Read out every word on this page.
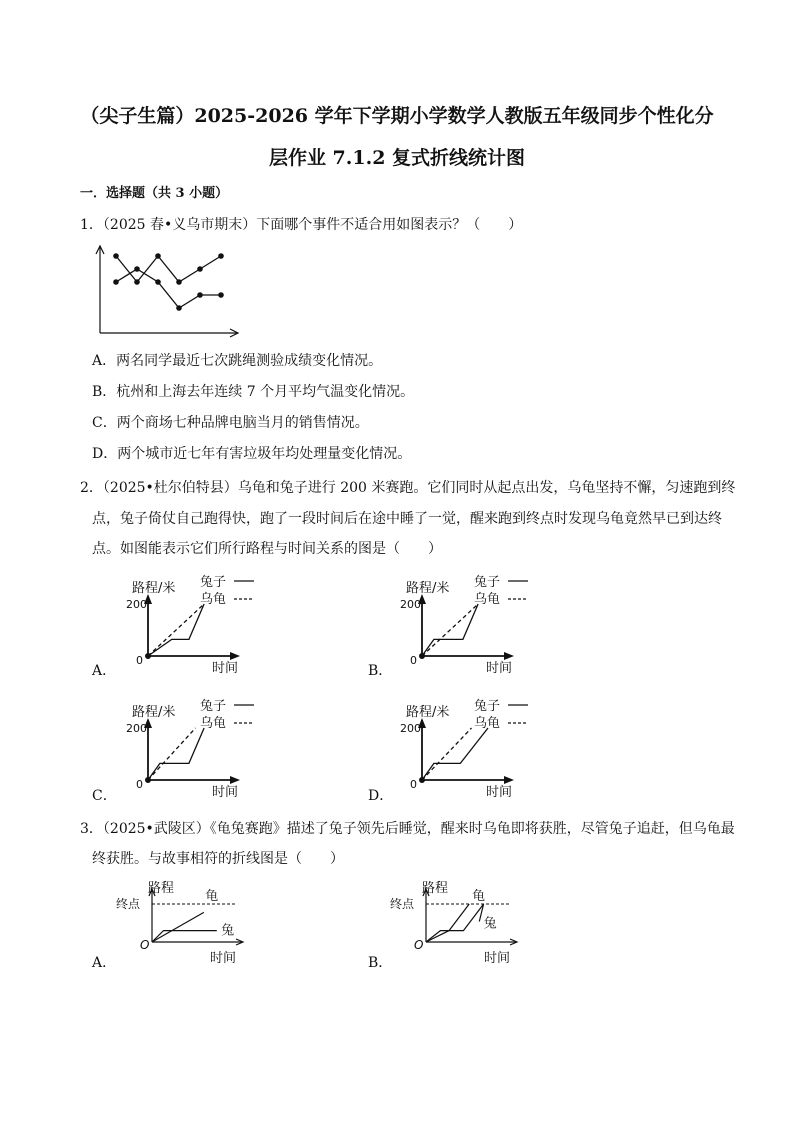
（尖子生篇）2025-2026 学年下学期小学数学人教版五年级同步个性化分
层作业 7.1.2 复式折线统计图
一．选择题（共 3 小题）
1．（2025 春•义乌市期末）下面哪个事件不适合用如图表示？（　　）
A．两名同学最近七次跳绳测验成绩变化情况。
B．杭州和上海去年连续 7 个月平均气温变化情况。
C．两个商场七种品牌电脑当月的销售情况。
D．两个城市近七年有害垃圾年均处理量变化情况。
2．（2025•杜尔伯特县）乌龟和兔子进行 200 米赛跑。它们同时从起点出发，乌龟坚持不懈，匀速跑到终
点，兔子倚仗自己跑得快，跑了一段时间后在途中睡了一觉，醒来跑到终点时发现乌龟竟然早已到达终
点。如图能表示它们所行路程与时间关系的图是（　　）
路程/米
200
0
时间
兔子
乌龟
路程/米
200
0
时间
兔子
乌龟
路程/米
200
0
时间
兔子
乌龟
路程/米
200
0
时间
兔子
乌龟
A．	B．
C．	D．
3．（2025•武陵区）《龟兔赛跑》描述了兔子领先后睡觉，醒来时乌龟即将获胜，尽管兔子追赶，但乌龟最
终获胜。与故事相符的折线图是（　　）
路程
终点
O
时间
龟
兔
路程
终点
O
时间
龟
兔
A．	B．
